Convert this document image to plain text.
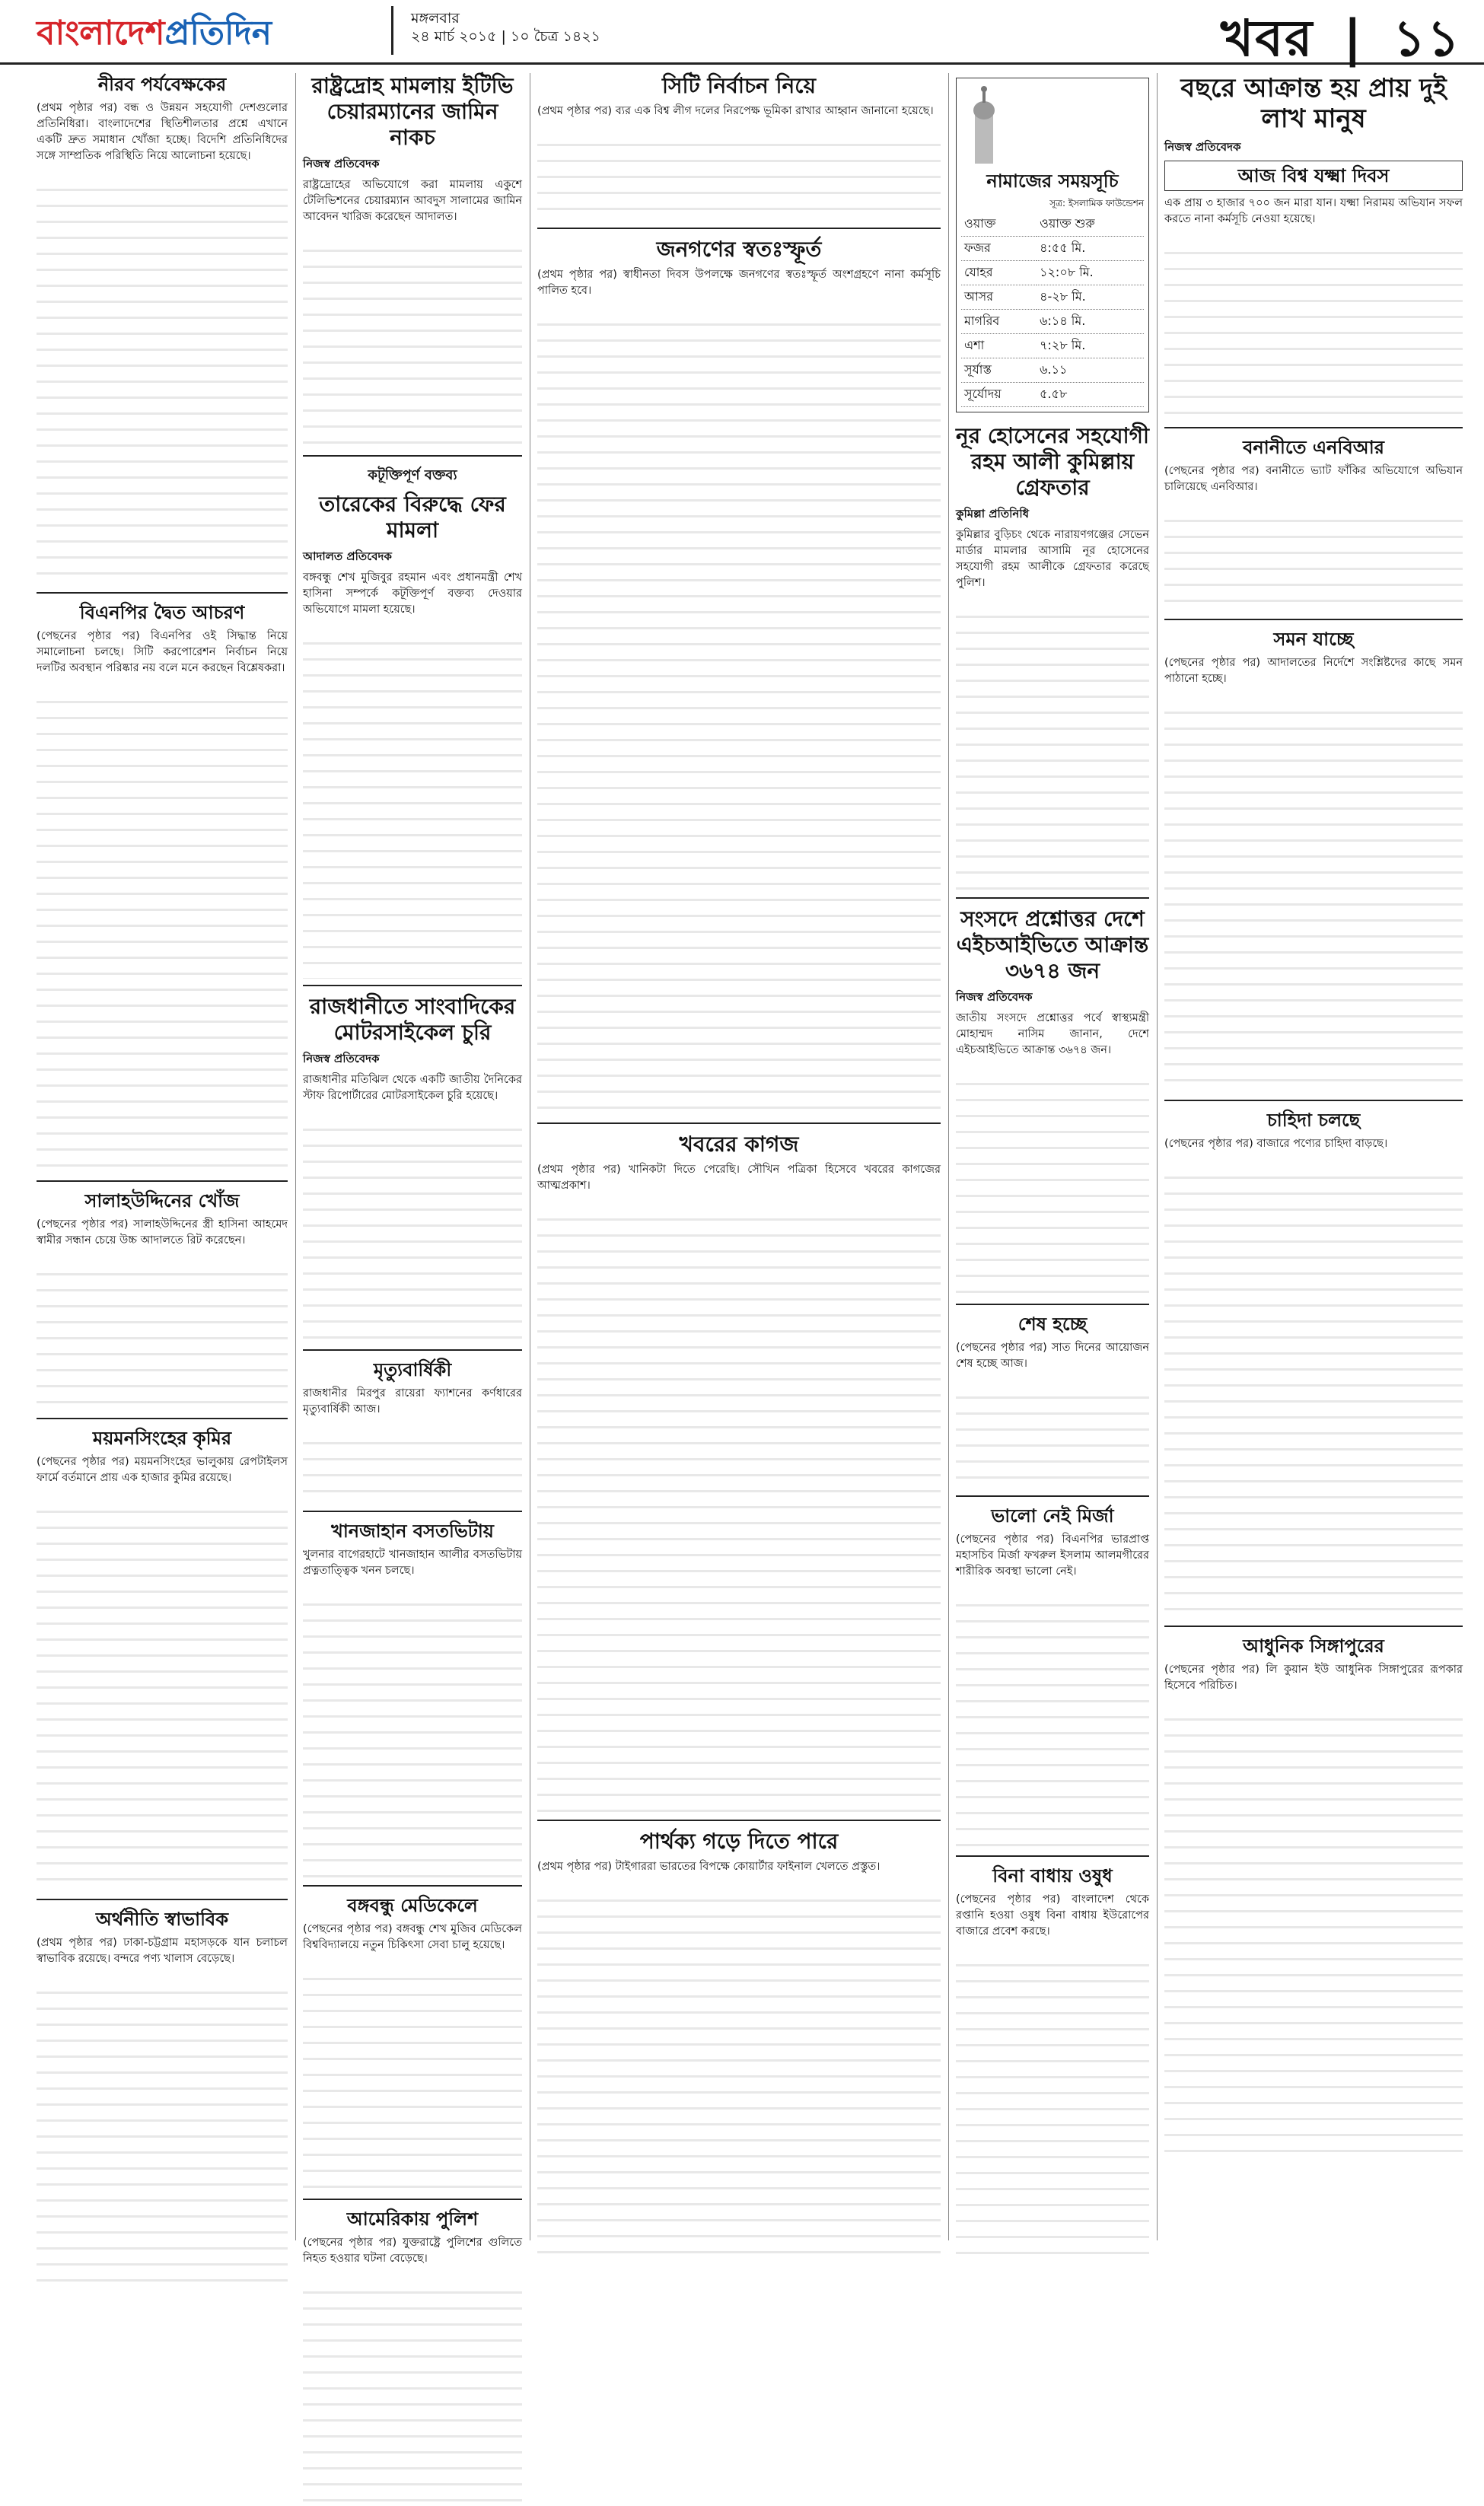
বাংলাদেশপ্রতিদিন	মঙ্গলবার
২৪ মার্চ ২০১৫ | ১০ চৈত্র ১৪২১	খবর | ১১
নীরব পর্যবেক্ষকের

(প্রথম পৃষ্ঠার পর) বন্ধ ও উন্নয়ন সহযোগী দেশগুলোর প্রতিনিধিরা। বাংলাদেশের স্থিতিশীলতার প্রশ্নে এখানে একটি দ্রুত সমাধান খোঁজা হচ্ছে। বিদেশি প্রতিনিধিদের সঙ্গে সাম্প্রতিক পরিস্থিতি নিয়ে আলোচনা হয়েছে।

বিএনপির দ্বৈত আচরণ

(পেছনের পৃষ্ঠার পর) বিএনপির ওই সিদ্ধান্ত নিয়ে সমালোচনা চলছে। সিটি করপোরেশন নির্বাচন নিয়ে দলটির অবস্থান পরিষ্কার নয় বলে মনে করছেন বিশ্লেষকরা।

সালাহউদ্দিনের খোঁজ

(পেছনের পৃষ্ঠার পর) সালাহউদ্দিনের স্ত্রী হাসিনা আহমেদ স্বামীর সন্ধান চেয়ে উচ্চ আদালতে রিট করেছেন।

ময়মনসিংহের কৃমির

(পেছনের পৃষ্ঠার পর) ময়মনসিংহের ভালুকায় রেপটাইলস ফার্মে বর্তমানে প্রায় এক হাজার কুমির রয়েছে।

অর্থনীতি স্বাভাবিক

(প্রথম পৃষ্ঠার পর) ঢাকা-চট্টগ্রাম মহাসড়কে যান চলাচল স্বাভাবিক রয়েছে। বন্দরে পণ্য খালাস বেড়েছে।

রাষ্ট্রদ্রোহ মামলায় ইটিভি চেয়ারম্যানের জামিন নাকচ
নিজস্ব প্রতিবেদক

রাষ্ট্রদ্রোহের অভিযোগে করা মামলায় একুশে টেলিভিশনের চেয়ারম্যান আবদুস সালামের জামিন আবেদন খারিজ করেছেন আদালত।

কটূক্তিপূর্ণ বক্তব্য
তারেকের বিরুদ্ধে ফের মামলা
আদালত প্রতিবেদক

বঙ্গবন্ধু শেখ মুজিবুর রহমান এবং প্রধানমন্ত্রী শেখ হাসিনা সম্পর্কে কটূক্তিপূর্ণ বক্তব্য দেওয়ার অভিযোগে মামলা হয়েছে।

রাজধানীতে সাংবাদিকের মোটরসাইকেল চুরি
নিজস্ব প্রতিবেদক

রাজধানীর মতিঝিল থেকে একটি জাতীয় দৈনিকের স্টাফ রিপোর্টারের মোটরসাইকেল চুরি হয়েছে।

মৃত্যুবার্ষিকী

রাজধানীর মিরপুর রায়েরা ফ্যাশনের কর্ণধারের মৃত্যুবার্ষিকী আজ।

খানজাহান বসতভিটায়

খুলনার বাগেরহাটে খানজাহান আলীর বসতভিটায় প্রত্নতাত্ত্বিক খনন চলছে।

বঙ্গবন্ধু মেডিকেলে

(পেছনের পৃষ্ঠার পর) বঙ্গবন্ধু শেখ মুজিব মেডিকেল বিশ্ববিদ্যালয়ে নতুন চিকিৎসা সেবা চালু হয়েছে।

আমেরিকায় পুলিশ

(পেছনের পৃষ্ঠার পর) যুক্তরাষ্ট্রে পুলিশের গুলিতে নিহত হওয়ার ঘটনা বেড়েছে।

সিটি নির্বাচন নিয়ে

(প্রথম পৃষ্ঠার পর) ব্যর এক বিশ্ব লীগ দলের নিরপেক্ষ ভূমিকা রাখার আহ্বান জানানো হয়েছে।

জনগণের স্বতঃস্ফূর্ত

(প্রথম পৃষ্ঠার পর) স্বাধীনতা দিবস উপলক্ষে জনগণের স্বতঃস্ফূর্ত অংশগ্রহণে নানা কর্মসূচি পালিত হবে।

খবরের কাগজ

(প্রথম পৃষ্ঠার পর) খানিকটা দিতে পেরেছি। সৌখিন পত্রিকা হিসেবে খবরের কাগজের আত্মপ্রকাশ।

পার্থক্য গড়ে দিতে পারে

(প্রথম পৃষ্ঠার পর) টাইগাররা ভারতের বিপক্ষে কোয়ার্টার ফাইনাল খেলতে প্রস্তুত।

নামাজের সময়সূচি
সূত্র: ইসলামিক ফাউন্ডেশন
ওয়াক্ত	ওয়াক্ত শুরু
ফজর	৪:৫৫ মি.
যোহর	১২:০৮ মি.
আসর	৪-২৮ মি.
মাগরিব	৬:১৪ মি.
এশা	৭:২৮ মি.
সূর্যাস্ত	৬.১১
সূর্যোদয়	৫.৫৮
নূর হোসেনের সহযোগী রহম আলী কুমিল্লায় গ্রেফতার
কুমিল্লা প্রতিনিধি

কুমিল্লার বুড়িচং থেকে নারায়ণগঞ্জের সেভেন মার্ডার মামলার আসামি নূর হোসেনের সহযোগী রহম আলীকে গ্রেফতার করেছে পুলিশ।

সংসদে প্রশ্নোত্তর দেশে এইচআইভিতে আক্রান্ত ৩৬৭৪ জন
নিজস্ব প্রতিবেদক

জাতীয় সংসদে প্রশ্নোত্তর পর্বে স্বাস্থ্যমন্ত্রী মোহাম্মদ নাসিম জানান, দেশে এইচআইভিতে আক্রান্ত ৩৬৭৪ জন।

শেষ হচ্ছে

(পেছনের পৃষ্ঠার পর) সাত দিনের আয়োজন শেষ হচ্ছে আজ।

ভালো নেই মির্জা

(পেছনের পৃষ্ঠার পর) বিএনপির ভারপ্রাপ্ত মহাসচিব মির্জা ফখরুল ইসলাম আলমগীরের শারীরিক অবস্থা ভালো নেই।

বিনা বাধায় ওষুধ

(পেছনের পৃষ্ঠার পর) বাংলাদেশ থেকে রপ্তানি হওয়া ওষুধ বিনা বাধায় ইউরোপের বাজারে প্রবেশ করছে।

বছরে আক্রান্ত হয় প্রায় দুই লাখ মানুষ
নিজস্ব প্রতিবেদক
আজ বিশ্ব যক্ষ্মা দিবস

এক প্রায় ৩ হাজার ৭০০ জন মারা যান। যক্ষ্মা নিরাময় অভিযান সফল করতে নানা কর্মসূচি নেওয়া হয়েছে।

বনানীতে এনবিআর

(পেছনের পৃষ্ঠার পর) বনানীতে ভ্যাট ফাঁকির অভিযোগে অভিযান চালিয়েছে এনবিআর।

সমন যাচ্ছে

(পেছনের পৃষ্ঠার পর) আদালতের নির্দেশে সংশ্লিষ্টদের কাছে সমন পাঠানো হচ্ছে।

চাহিদা চলছে

(পেছনের পৃষ্ঠার পর) বাজারে পণ্যের চাহিদা বাড়ছে।

আধুনিক সিঙ্গাপুরের

(পেছনের পৃষ্ঠার পর) লি কুয়ান ইউ আধুনিক সিঙ্গাপুরের রূপকার হিসেবে পরিচিত।
